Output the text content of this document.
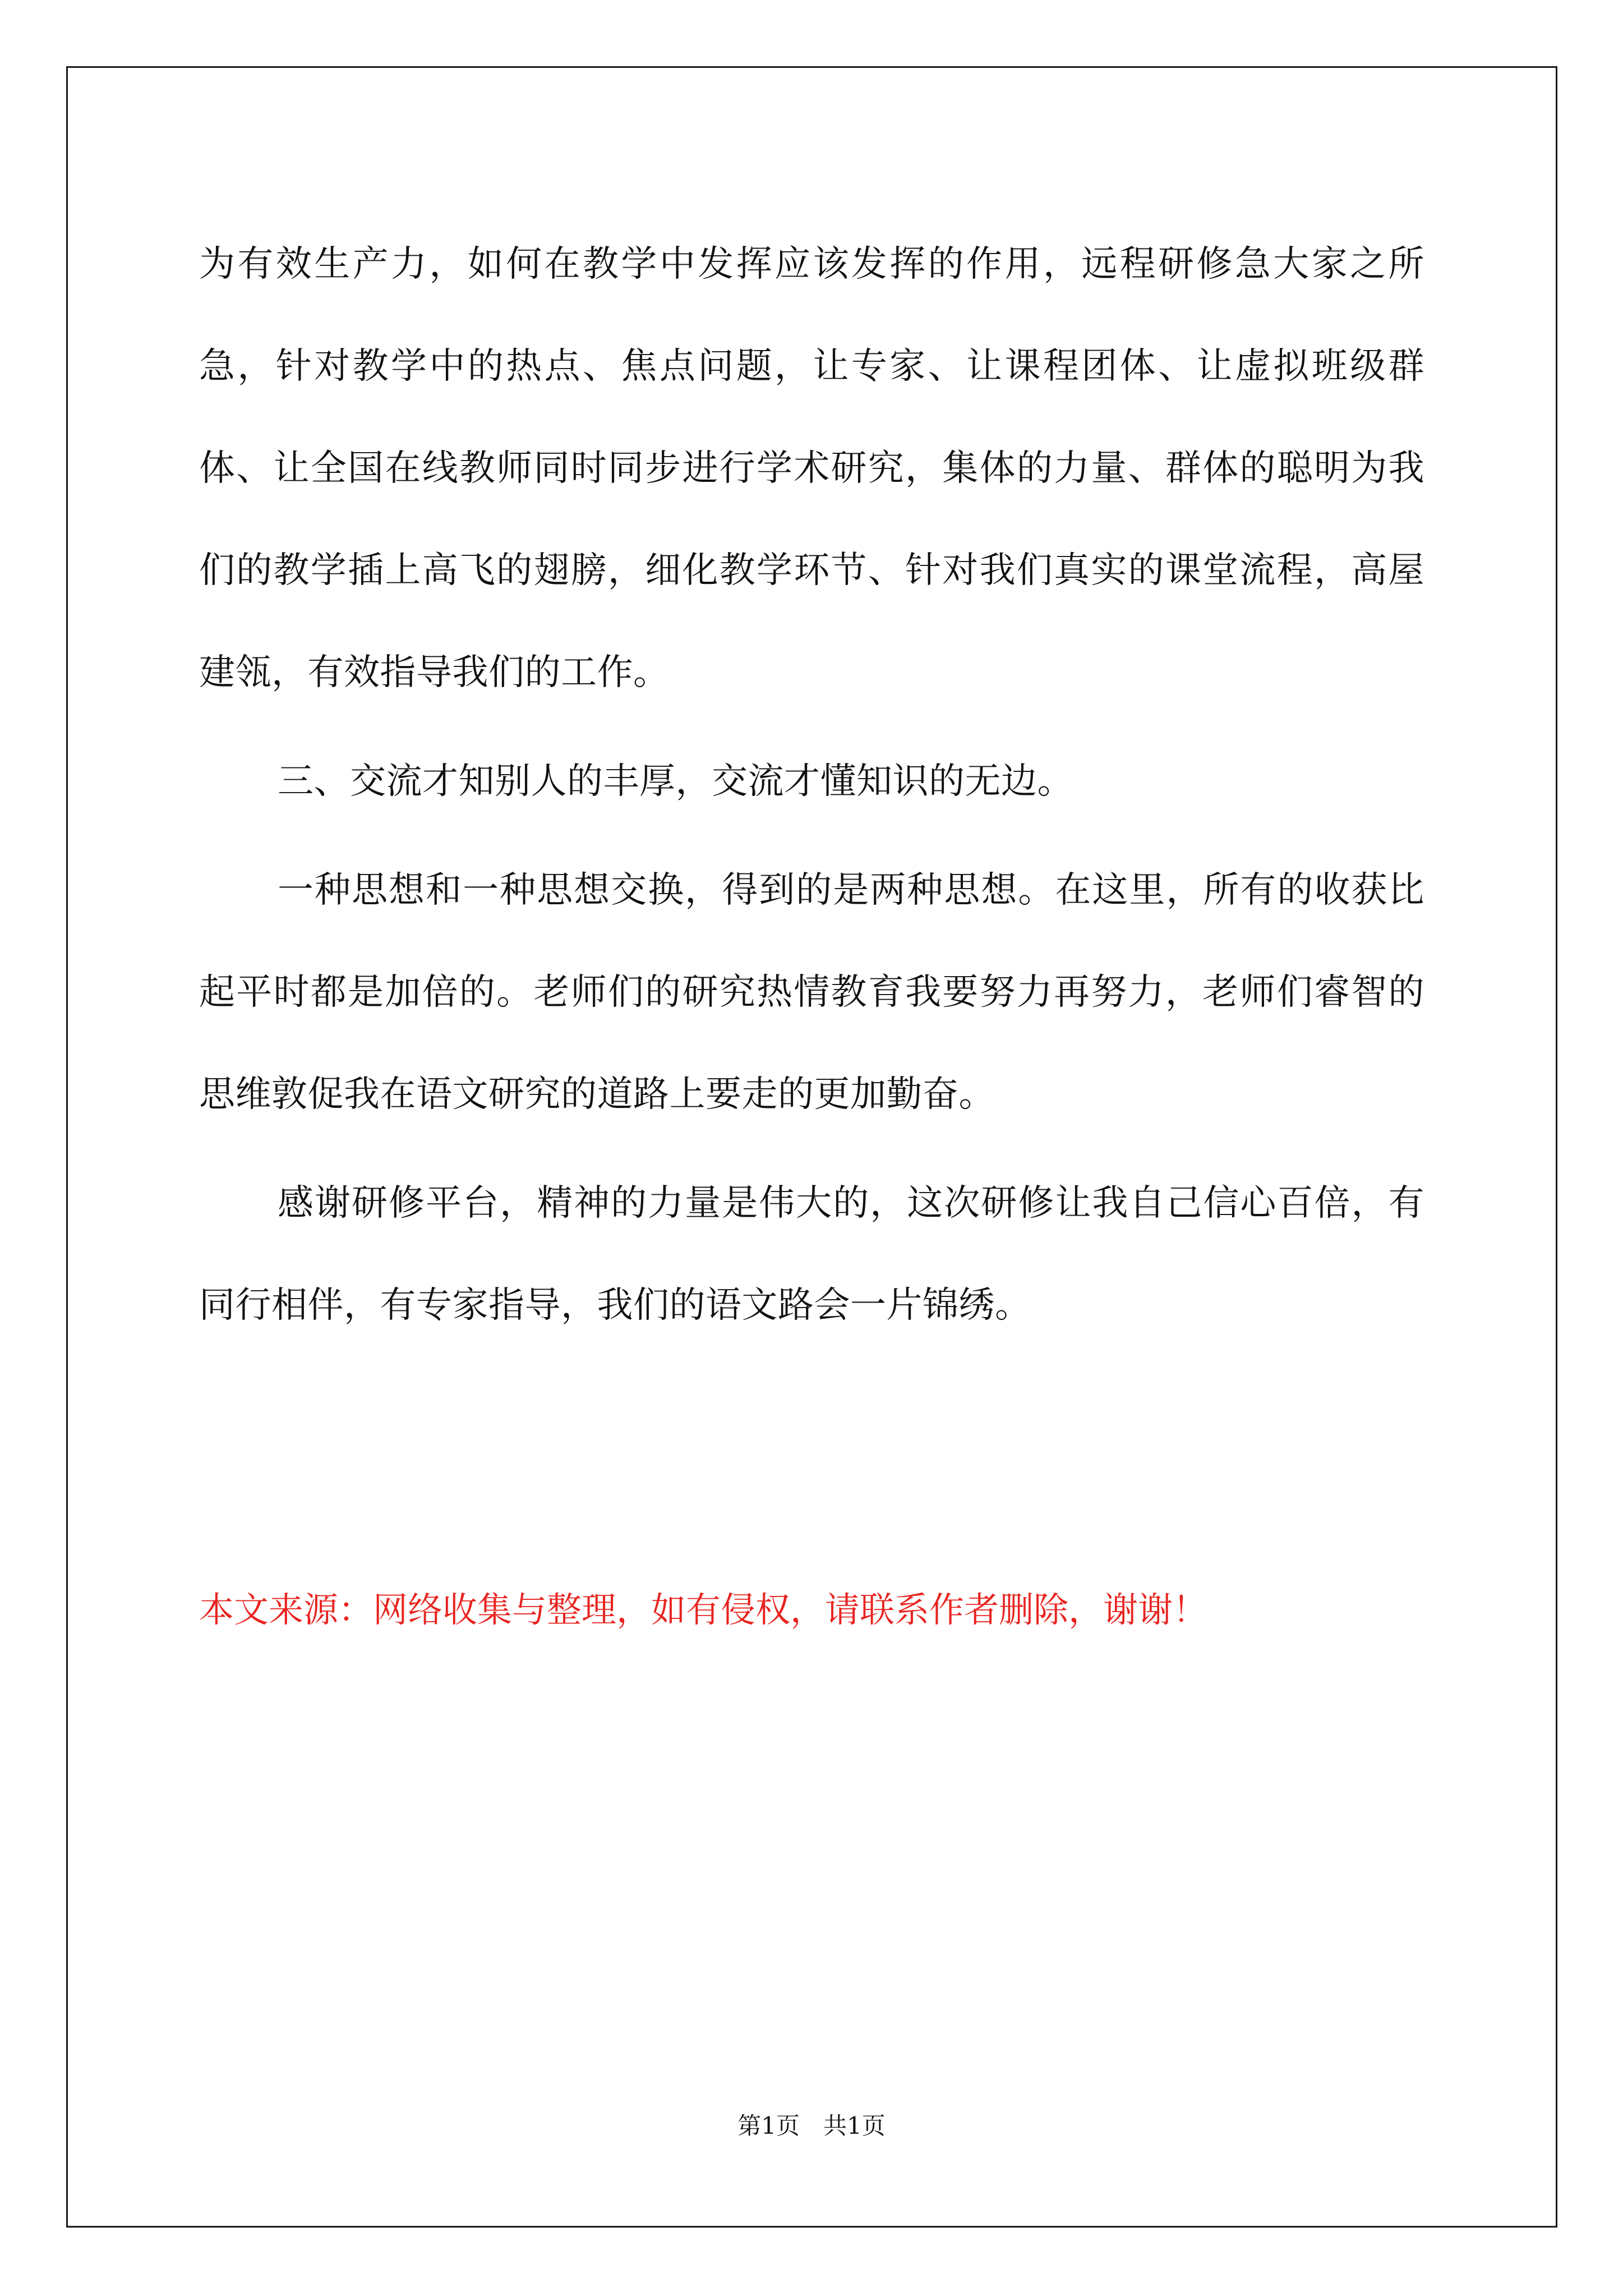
为有效生产力，如何在教学中发挥应该发挥的作用，远程研修急大家之所急，针对教学中的热点、焦点问题，让专家、让课程团体、让虚拟班级群体、让全国在线教师同时同步进行学术研究，集体的力量、群体的聪明为我们的教学插上高飞的翅膀，细化教学环节、针对我们真实的课堂流程，高屋建瓴，有效指导我们的工作。

三、交流才知别人的丰厚，交流才懂知识的无边。

一种思想和一种思想交换，得到的是两种思想。在这里，所有的收获比起平时都是加倍的。老师们的研究热情教育我要努力再努力，老师们睿智的思维敦促我在语文研究的道路上要走的更加勤奋。

感谢研修平台，精神的力量是伟大的，这次研修让我自己信心百倍，有同行相伴，有专家指导，我们的语文路会一片锦绣。

本文来源：网络收集与整理，如有侵权，请联系作者删除，谢谢！

第1页 共1页
